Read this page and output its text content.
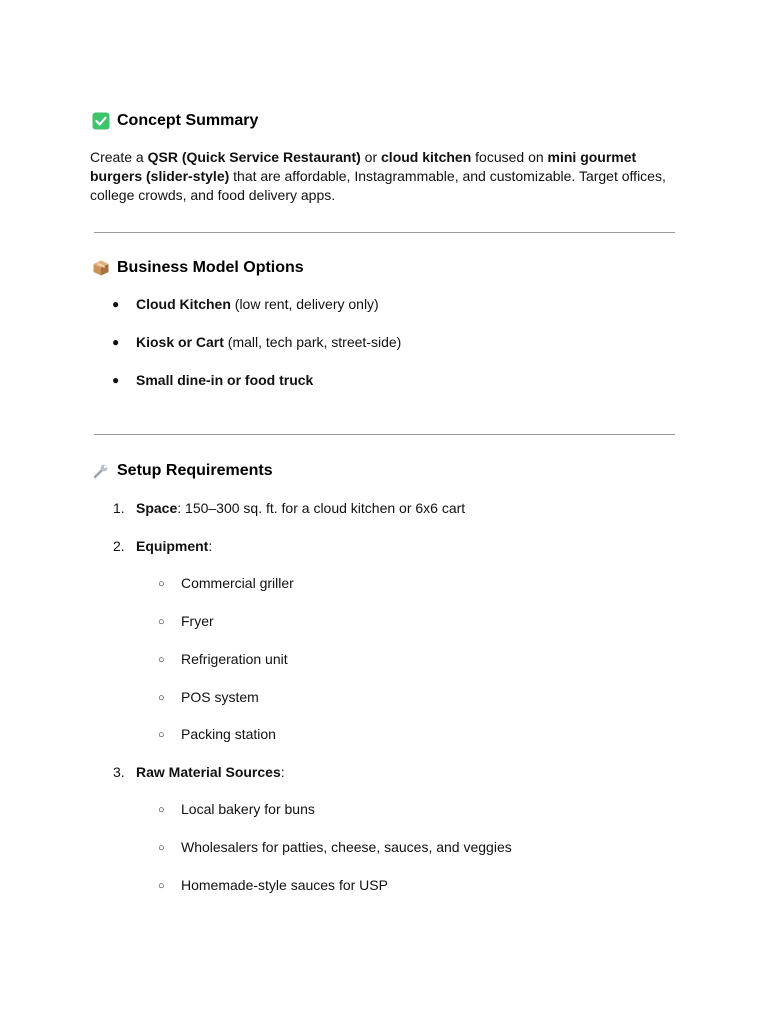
Concept Summary
Create a QSR (Quick Service Restaurant) or cloud kitchen focused on mini gourmet burgers (slider-style) that are affordable, Instagrammable, and customizable. Target offices, college crowds, and food delivery apps.
Business Model Options
● Cloud Kitchen (low rent, delivery only)
● Kiosk or Cart (mall, tech park, street-side)
● Small dine-in or food truck
Setup Requirements
1. Space: 150–300 sq. ft. for a cloud kitchen or 6x6 cart
2. Equipment:
○ Commercial griller
○ Fryer
○ Refrigeration unit
○ POS system
○ Packing station
3. Raw Material Sources:
○ Local bakery for buns
○ Wholesalers for patties, cheese, sauces, and veggies
○ Homemade-style sauces for USP
